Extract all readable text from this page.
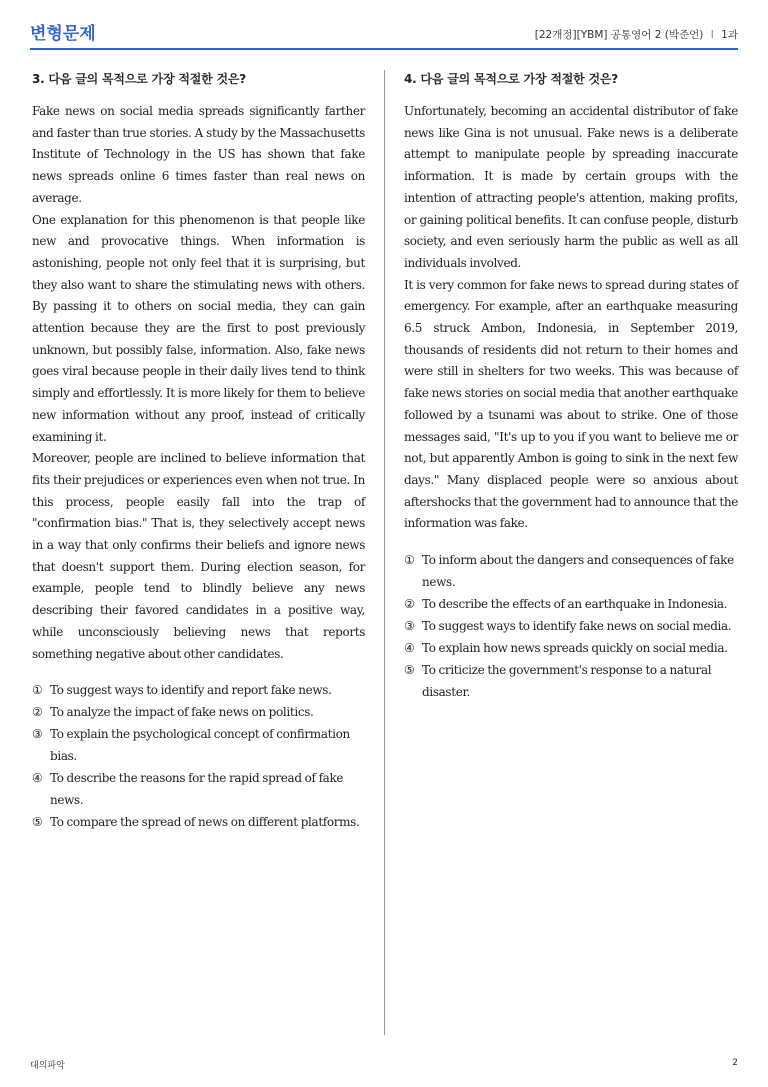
변형문제	[22개정][YBM] 공통영어 2 (박준언) I 1과
3. 다음 글의 목적으로 가장 적절한 것은?

Fake news on social media spreads significantly farther and faster than true stories. A study by the Massachusetts Institute of Technology in the US has shown that fake news spreads online 6 times faster than real news on average.

One explanation for this phenomenon is that people like new and provocative things. When information is astonishing, people not only feel that it is surprising, but they also want to share the stimulating news with others. By passing it to others on social media, they can gain attention because they are the first to post previously unknown, but possibly false, information. Also, fake news goes viral because people in their daily lives tend to think simply and effortlessly. It is more likely for them to believe new information without any proof, instead of critically examining it.

Moreover, people are inclined to believe information that fits their prejudices or experiences even when not true. In this process, people easily fall into the trap of "confirmation bias." That is, they selectively accept news in a way that only confirms their beliefs and ignore news that doesn't support them. During election season, for example, people tend to blindly believe any news describing their favored candidates in a positive way, while unconsciously believing news that reports something negative about other candidates.

① To suggest ways to identify and report fake news.
② To analyze the impact of fake news on politics.
③ To explain the psychological concept of confirmation bias.
④ To describe the reasons for the rapid spread of fake news.
⑤ To compare the spread of news on different platforms.
4. 다음 글의 목적으로 가장 적절한 것은?

Unfortunately, becoming an accidental distributor of fake news like Gina is not unusual. Fake news is a deliberate attempt to manipulate people by spreading inaccurate information. It is made by certain groups with the intention of attracting people's attention, making profits, or gaining political benefits. It can confuse people, disturb society, and even seriously harm the public as well as all individuals involved.

It is very common for fake news to spread during states of emergency. For example, after an earthquake measuring 6.5 struck Ambon, Indonesia, in September 2019, thousands of residents did not return to their homes and were still in shelters for two weeks. This was because of fake news stories on social media that another earthquake followed by a tsunami was about to strike. One of those messages said, "It's up to you if you want to believe me or not, but apparently Ambon is going to sink in the next few days." Many displaced people were so anxious about aftershocks that the government had to announce that the information was fake.

① To inform about the dangers and consequences of fake news.
② To describe the effects of an earthquake in Indonesia.
③ To suggest ways to identify fake news on social media.
④ To explain how news spreads quickly on social media.
⑤ To criticize the government's response to a natural disaster.
대의파악	2
